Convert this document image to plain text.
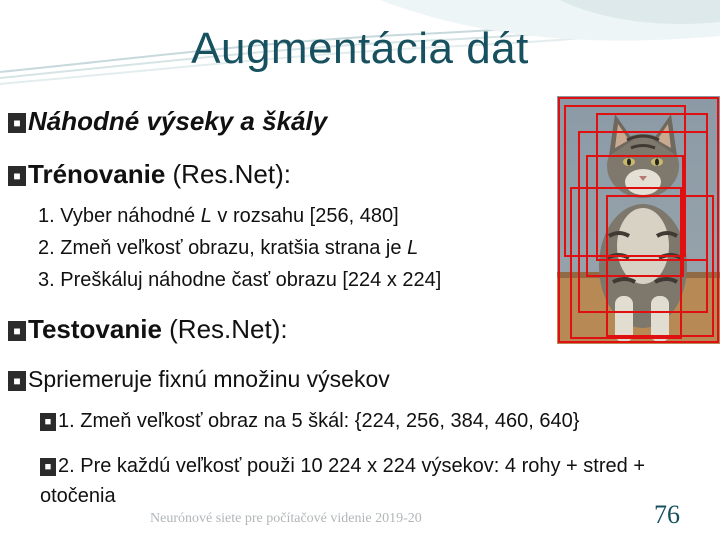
Augmentácia dát
■ Náhodné výseky a škály
■ Trénovanie (Res.Net):
1. Vyber náhodné L v rozsahu [256, 480]
2. Zmeň veľkosť obrazu, kratšia strana je L
3. Preškáluj náhodne časť obrazu [224 x 224]
■ Testovanie (Res.Net):
■ Spriemeruje fixnú množinu výsekov
■ 1. Zmeň veľkosť obraz na 5 škál: {224, 256, 384, 460, 640}
■ 2. Pre každú veľkosť použi 10 224 x 224 výsekov: 4 rohy + stred + otočenia
Neurónové siete pre počítačové videnie 2019-20	76
